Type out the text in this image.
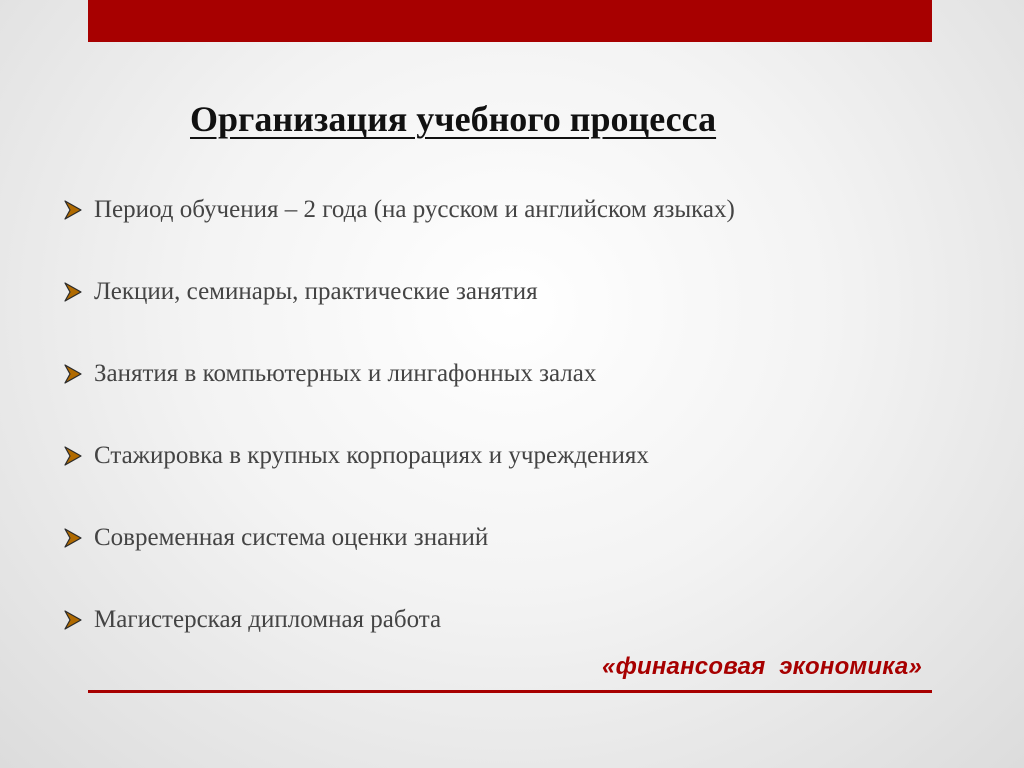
Организация учебного процесса
Период обучения – 2 года (на русском и английском языках)
Лекции, семинары, практические занятия
Занятия в компьютерных и лингафонных залах
Стажировка в крупных корпорациях и учреждениях
Современная система оценки знаний
Магистерская дипломная работа
«финансовая  экономика»
